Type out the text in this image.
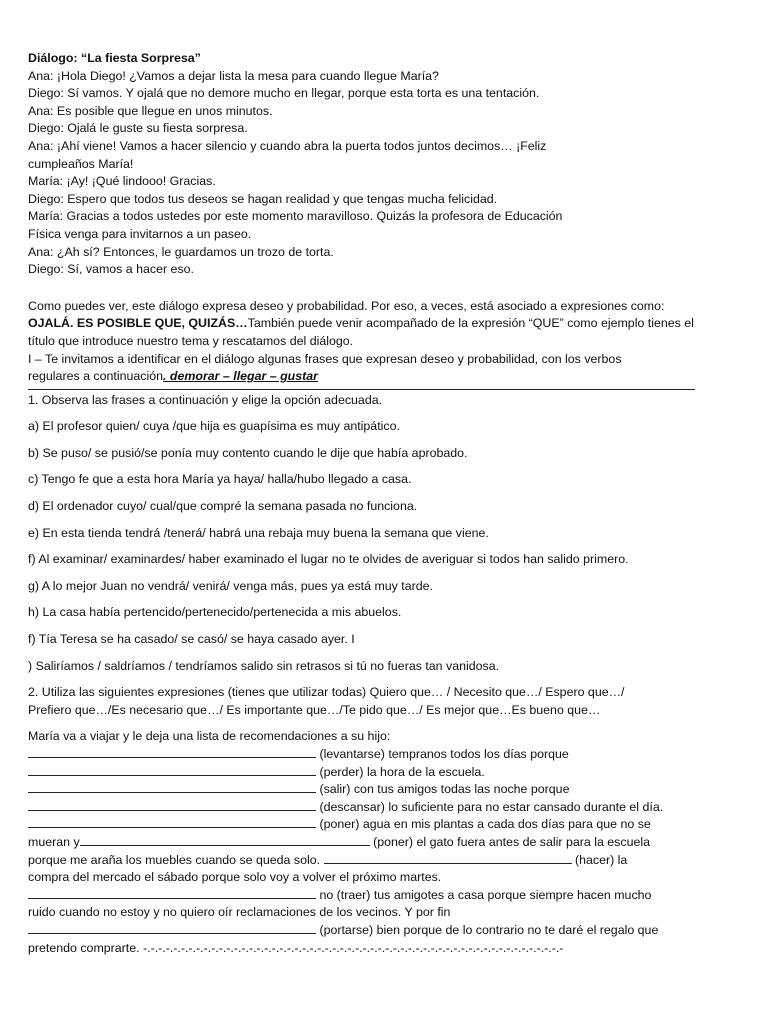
Diálogo: “La fiesta Sorpresa”
Ana: ¡Hola Diego! ¿Vamos a dejar lista la mesa para cuando llegue María?
Diego: Sí vamos. Y ojalá que no demore mucho en llegar, porque esta torta es una tentación.
Ana: Es posible que llegue en unos minutos.
Diego: Ojalá le guste su fiesta sorpresa.
Ana: ¡Ahí viene! Vamos a hacer silencio y cuando abra la puerta todos juntos decimos… ¡Feliz
cumpleaños María!
María: ¡Ay! ¡Qué lindooo! Gracias.
Diego: Espero que todos tus deseos se hagan realidad y que tengas mucha felicidad.
María: Gracias a todos ustedes por este momento maravilloso. Quizás la profesora de Educación
Física venga para invitarnos a un paseo.
Ana: ¿Ah sí? Entonces, le guardamos un trozo de torta.
Diego: Sí, vamos a hacer eso.
Como puedes ver, este diálogo expresa deseo y probabilidad. Por eso, a veces, está asociado a expresiones como:
OJALÁ. ES POSIBLE QUE, QUIZÁS…También puede venir acompañado de la expresión “QUE” como ejemplo tienes el
título que introduce nuestro tema y rescatamos del diálogo.
I – Te invitamos a identificar en el diálogo algunas frases que expresan deseo y probabilidad, con los verbos
regulares a continuación. demorar – llegar – gustar
1. Observa las frases a continuación y elige la opción adecuada.
a) El profesor quien/ cuya /que hija es guapísima es muy antipático.
b) Se puso/ se pusió/se ponía muy contento cuando le dije que había aprobado.
c) Tengo fe que a esta hora María ya haya/ halla/hubo llegado a casa.
d) El ordenador cuyo/ cual/que compré la semana pasada no funciona.
e) En esta tienda tendrá /tenerá/ habrá una rebaja muy buena la semana que viene.
f) Al examinar/ examinardes/ haber examinado el lugar no te olvides de averiguar si todos han salido primero.
g) A lo mejor Juan no vendrá/ venirá/ venga más, pues ya está muy tarde.
h) La casa había pertencido/pertenecido/pertenecida a mis abuelos.
f) Tía Teresa se ha casado/ se casó/ se haya casado ayer. I
) Saliríamos / saldríamos / tendríamos salido sin retrasos si tú no fueras tan vanidosa.
2. Utiliza las siguientes expresiones (tienes que utilizar todas) Quiero que… / Necesito que…/ Espero que…/
Prefiero que…/Es necesario que…/ Es importante que…/Te pido que…/ Es mejor que…Es bueno que…
María va a viajar y le deja una lista de recomendaciones a su hijo:
(levantarse) tempranos todos los días porque
(perder) la hora de la escuela.
(salir) con tus amigos todas las noche porque
(descansar) lo suficiente para no estar cansado durante el día.
(poner) agua en mis plantas a cada dos días para que no se
mueran y	(poner) el gato fuera antes de salir para la escuela
porque me araña los muebles cuando se queda solo.	(hacer) la
compra del mercado el sábado porque solo voy a volver el próximo martes.
no (traer) tus amigotes a casa porque siempre hacen mucho
ruido cuando no estoy y no quiero oír reclamaciones de los vecinos. Y por fin
(portarse) bien porque de lo contrario no te daré el regalo que
pretendo comprarte. -.-.-.-.-.-.-.-.-.-.-.-.-.-.-.-.-.-.-.-.-.-.-.-.-.-.-.-.-.-.-.-.-.-.-.-.-.-.-.-.-.-.-.-.-.-.-.-.-.-.-.-.-.-.-.-
